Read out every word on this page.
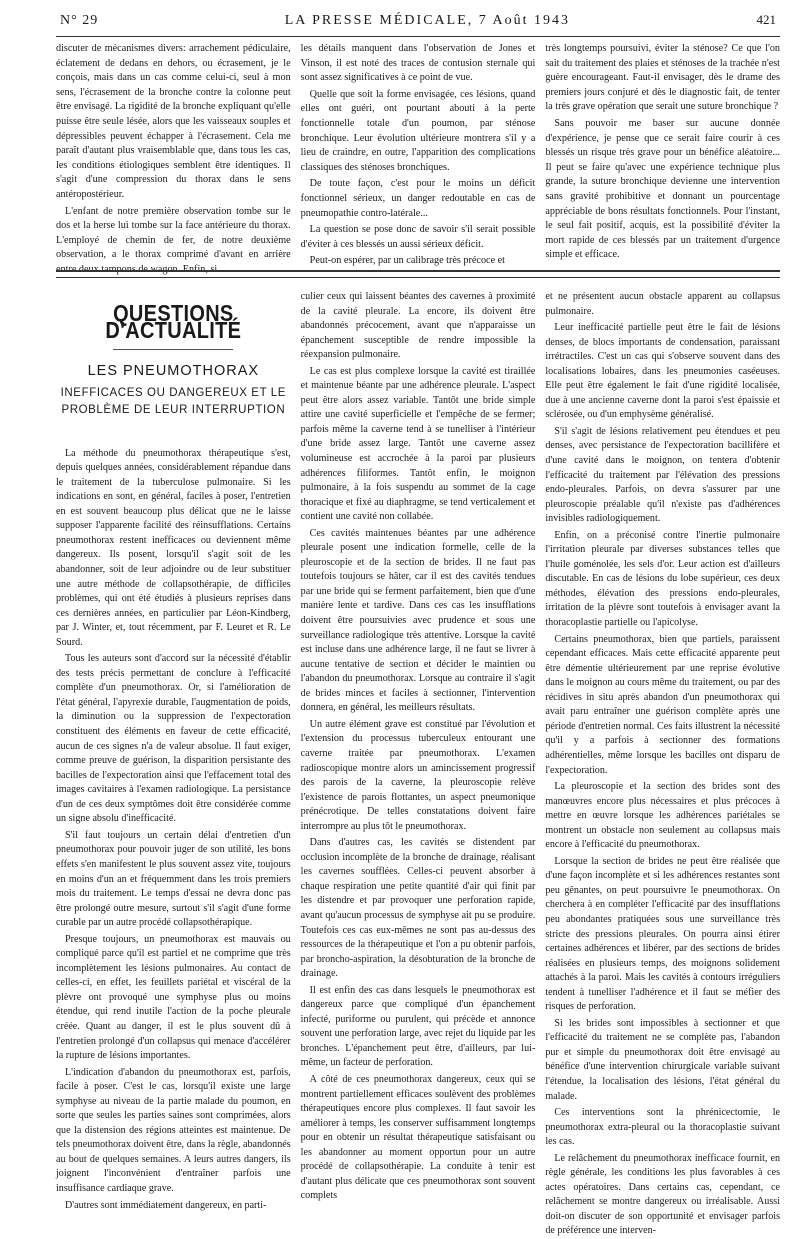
N° 29	LA PRESSE MÉDICALE, 7 Août 1943	421

discuter de mécanismes divers: arrachement pédiculaire, éclatement de dedans en dehors, ou écrasement, je le conçois, mais dans un cas comme celui-ci, seul à mon sens, l'écrasement de la bronche contre la colonne peut être envisagé. La rigidité de la bronche expliquant qu'elle puisse être seule lésée, alors que les vaisseaux souples et dépressibles peuvent échapper à l'écrasement. Cela me paraît d'autant plus vraisemblable que, dans tous les cas, les conditions étiologiques semblent être identiques. Il s'agit d'une compression du thorax dans le sens antéropostérieur.

L'enfant de notre première observation tombe sur le dos et la herse lui tombe sur la face antérieure du thorax. L'employé de chemin de fer, de notre deuxième observation, a le thorax comprimé d'avant en arrière entre deux tampons de wagon. Enfin, si

les détails manquent dans l'observation de Jones et Vinson, il est noté des traces de contusion sternale qui sont assez significatives à ce point de vue.

Quelle que soit la forme envisagée, ces lésions, quand elles ont guéri, ont pourtant abouti à la perte fonctionnelle totale d'un poumon, par sténose bronchique. Leur évolution ultérieure montrera s'il y a lieu de craindre, en outre, l'apparition des complications classiques des sténoses bronchiques.

De toute façon, c'est pour le moins un déficit fonctionnel sérieux, un danger redoutable en cas de pneumopathie contro-latérale...

La question se pose donc de savoir s'il serait possible d'éviter à ces blessés un aussi sérieux déficit.

Peut-on espérer, par un calibrage très précoce et

très longtemps poursuivi, éviter la sténose? Ce que l'on sait du traitement des plaies et sténoses de la trachée n'est guère encourageant. Faut-il envisager, dès le drame des premiers jours conjuré et dès le diagnostic fait, de tenter la très grave opération que serait une suture bronchique ?

Sans pouvoir me baser sur aucune donnée d'expérience, je pense que ce serait faire courir à ces blessés un risque très grave pour un bénéfice aléatoire... Il peut se faire qu'avec une expérience technique plus grande, la suture bronchique devienne une intervention sans gravité prohibitive et donnant un pourcentage appréciable de bons résultats fonctionnels. Pour l'instant, le seul fait positif, acquis, est la possibilité d'éviter la mort rapide de ces blessés par un traitement d'urgence simple et efficace.

QUESTIONS D'ACTUALITÉ
LES PNEUMOTHORAX
INEFFICACES OU DANGEREUX ET LE PROBLÈME DE LEUR INTERRUPTION

La méthode du pneumothorax thérapeutique s'est, depuis quelques années, considérablement répandue dans le traitement de la tuberculose pulmonaire. Si les indications en sont, en général, faciles à poser, l'entretien en est souvent beaucoup plus délicat que ne le laisse supposer l'apparente facilité des réinsufflations. Certains pneumothorax restent inefficaces ou deviennent même dangereux. Ils posent, lorsqu'il s'agit soit de les abandonner, soit de leur adjoindre ou de leur substituer une autre méthode de collapsothérapie, de difficiles problèmes, qui ont été étudiés à plusieurs reprises dans ces dernières années, en particulier par Léon-Kindberg, par J. Winter, et, tout récemment, par F. Leuret et R. Le Sourd.

Tous les auteurs sont d'accord sur la nécessité d'établir des tests précis permettant de conclure à l'efficacité complète d'un pneumothorax. Or, si l'amélioration de l'état général, l'apyrexie durable, l'augmentation de poids, la diminution ou la suppression de l'expectoration constituent des éléments en faveur de cette efficacité, aucun de ces signes n'a de valeur absolue. Il faut exiger, comme preuve de guérison, la disparition persistante des bacilles de l'expectoration ainsi que l'effacement total des images cavitaires à l'examen radiologique. La persistance d'un de ces deux symptômes doit être considérée comme un signe absolu d'inefficacité.

S'il faut toujours un certain délai d'entretien d'un pneumothorax pour pouvoir juger de son utilité, les bons effets s'en manifestent le plus souvent assez vite, toujours en moins d'un an et fréquemment dans les trois premiers mois du traitement. Le temps d'essai ne devra donc pas être prolongé outre mesure, surtout s'il s'agit d'une forme curable par un autre procédé collapsothérapique.

Presque toujours, un pneumothorax est mauvais ou compliqué parce qu'il est partiel et ne comprime que très incomplètement les lésions pulmonaires. Au contact de celles-ci, en effet, les feuillets pariétal et viscéral de la plèvre ont provoqué une symphyse plus ou moins étendue, qui rend inutile l'action de la poche pleurale créée. Quant au danger, il est le plus souvent dû à l'entretien prolongé d'un collapsus qui menace d'accélérer la rupture de lésions importantes.

L'indication d'abandon du pneumothorax est, parfois, facile à poser. C'est le cas, lorsqu'il existe une large symphyse au niveau de la partie malade du poumon, en sorte que seules les parties saines sont comprimées, alors que la distension des régions atteintes est maintenue. De tels pneumothorax doivent être, dans la règle, abandonnés au bout de quelques semaines. A leurs autres dangers, ils joignent l'inconvénient d'entraîner parfois une insuffisance cardiaque grave.

D'autres sont immédiatement dangereux, en parti-

culier ceux qui laissent béantes des cavernes à proximité de la cavité pleurale. La encore, ils doivent être abandonnés précocement, avant que n'apparaisse un épanchement susceptible de rendre impossible la réexpansion pulmonaire.

Le cas est plus complexe lorsque la cavité est tiraillée et maintenue béante par une adhérence pleurale. L'aspect peut être alors assez variable. Tantôt une bride simple attire une cavité superficielle et l'empêche de se fermer; parfois même la caverne tend à se tunelliser à l'intérieur d'une bride assez large. Tantôt une caverne assez volumineuse est accrochée à la paroi par plusieurs adhérences filiformes. Tantôt enfin, le moignon pulmonaire, à la fois suspendu au sommet de la cage thoracique et fixé au diaphragme, se tend verticalement et contient une cavité non collabée.

Ces cavités maintenues béantes par une adhérence pleurale posent une indication formelle, celle de la pleuroscopie et de la section de brides. Il ne faut pas toutefois toujours se hâter, car il est des cavités tendues par une bride qui se ferment parfaitement, bien que d'une manière lente et tardive. Dans ces cas les insufflations doivent être poursuivies avec prudence et sous une surveillance radiologique très attentive. Lorsque la cavité est incluse dans une adhérence large, il ne faut se livrer à aucune tentative de section et décider le maintien ou l'abandon du pneumothorax. Lorsque au contraire il s'agit de brides minces et faciles à sectionner, l'intervention donnera, en général, les meilleurs résultats.

Un autre élément grave est constitué par l'évolution et l'extension du processus tuberculeux entourant une caverne traitée par pneumothorax. L'examen radioscopique montre alors un amincissement progressif des parois de la caverne, la pleuroscopie relève l'existence de parois flottantes, un aspect pneumonique prénécrotique. De telles constatations doivent faire interrompre au plus tôt le pneumothorax.

Dans d'autres cas, les cavités se distendent par occlusion incomplète de la bronche de drainage, réalisant les cavernes soufflées. Celles-ci peuvent absorber à chaque respiration une petite quantité d'air qui finit par les distendre et par provoquer une perforation rapide, avant qu'aucun processus de symphyse ait pu se produire. Toutefois ces cas eux-mêmes ne sont pas au-dessus des ressources de la thérapeutique et l'on a pu obtenir parfois, par broncho-aspiration, la désobturation de la bronche de drainage.

Il est enfin des cas dans lesquels le pneumothorax est dangereux parce que compliqué d'un épanchement infecté, puriforme ou purulent, qui précède et annonce souvent une perforation large, avec rejet du liquide par les bronches. L'épanchement peut être, d'ailleurs, par lui-même, un facteur de perforation.

A côté de ces pneumothorax dangereux, ceux qui se montrent partiellement efficaces soulèvent des problèmes thérapeutiques encore plus complexes. Il faut savoir les améliorer à temps, les conserver suffisamment longtemps pour en obtenir un résultat thérapeutique satisfaisant ou les abandonner au moment opportun pour un autre procédé de collapsothérapie. La conduite à tenir est d'autant plus délicate que ces pneumothorax sont souvent complets

et ne présentent aucun obstacle apparent au collapsus pulmonaire.

Leur inefficacité partielle peut être le fait de lésions denses, de blocs importants de condensation, paraissant irrétractiles. C'est un cas qui s'observe souvent dans des localisations lobaires, dans les pneumonies caséeuses. Elle peut être également le fait d'une rigidité localisée, due à une ancienne caverne dont la paroi s'est épaissie et sclérosée, ou d'un emphysème généralisé.

S'il s'agit de lésions relativement peu étendues et peu denses, avec persistance de l'expectoration bacillifère et d'une cavité dans le moignon, on tentera d'obtenir l'efficacité du traitement par l'élévation des pressions endo-pleurales. Parfois, on devra s'assurer par une pleuroscopie préalable qu'il n'existe pas d'adhérences invisibles radiologiquement.

Enfin, on a préconisé contre l'inertie pulmonaire l'irritation pleurale par diverses substances telles que l'huile goménolée, les sels d'or. Leur action est d'ailleurs discutable. En cas de lésions du lobe supérieur, ces deux méthodes, élévation des pressions endo-pleurales, irritation de la plèvre sont toutefois à envisager avant la thoracoplastie partielle ou l'apicolyse.

Certains pneumothorax, bien que partiels, paraissent cependant efficaces. Mais cette efficacité apparente peut être démentie ultérieurement par une reprise évolutive dans le moignon au cours même du traitement, ou par des récidives in situ après abandon d'un pneumothorax qui avait paru entraîner une guérison complète après une période d'entretien normal. Ces faits illustrent la nécessité qu'il y a parfois à sectionner des formations adhérentielles, même lorsque les bacilles ont disparu de l'expectoration.

La pleuroscopie et la section des brides sont des manœuvres encore plus nécessaires et plus précoces à mettre en œuvre lorsque les adhérences pariétales se montrent un obstacle non seulement au collapsus mais encore à l'efficacité du pneumothorax.

Lorsque la section de brides ne peut être réalisée que d'une façon incomplète et si les adhérences restantes sont peu gênantes, on peut poursuivre le pneumothorax. On cherchera à en compléter l'efficacité par des insufflations peu abondantes pratiquées sous une surveillance très stricte des pressions pleurales. On pourra ainsi étirer certaines adhérences et libérer, par des sections de brides réalisées en plusieurs temps, des moignons solidement attachés à la paroi. Mais les cavités à contours irréguliers tendent à tunelliser l'adhérence et il faut se méfier des risques de perforation.

Si les brides sont impossibles à sectionner et que l'efficacité du traitement ne se complète pas, l'abandon pur et simple du pneumothorax doit être envisagé au bénéfice d'une intervention chirurgicale variable suivant l'étendue, la localisation des lésions, l'état général du malade.

Ces interventions sont la phrénicectomie, le pneumothorax extra-pleural ou la thoracoplastie suivant les cas.

Le relâchement du pneumothorax inefficace fournit, en règle générale, les conditions les plus favorables à ces actes opératoires. Dans certains cas, cependant, ce relâchement se montre dangereux ou irréalisable. Aussi doit-on discuter de son opportunité et envisager parfois de préférence une interven-
